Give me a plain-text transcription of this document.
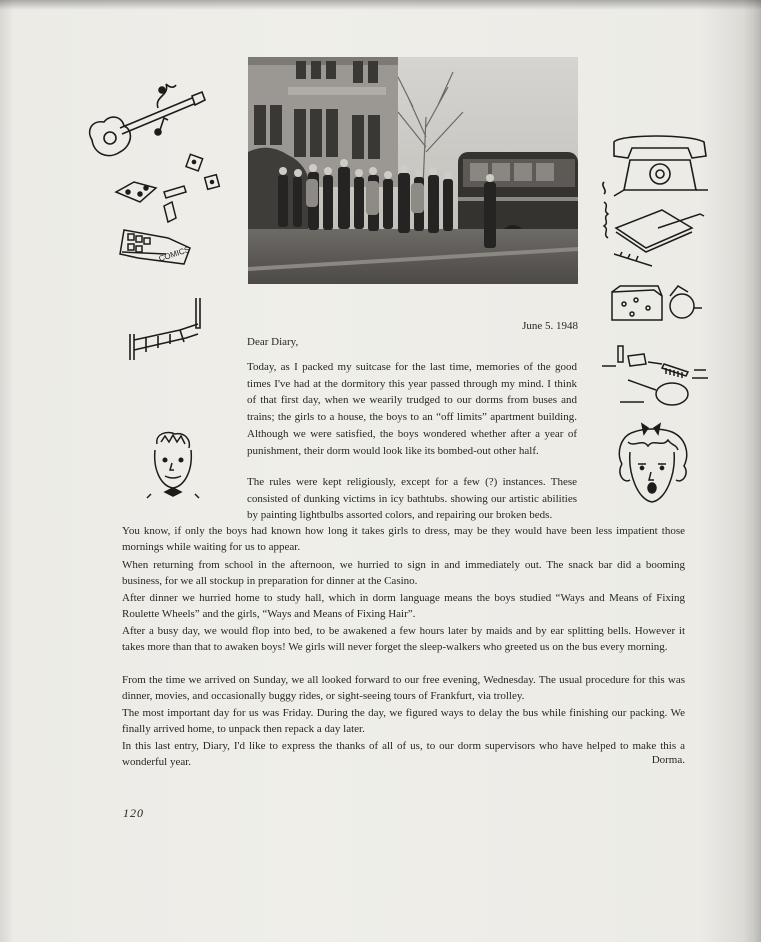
COMICS
June 5. 1948
Dear Diary,

Today, as I packed my suitcase for the last time, memories of the good times I've had at the dormitory this year passed through my mind. I think of that first day, when we wearily trudged to our dorms from buses and trains; the girls to a house, the boys to an “off limits” apartment building. Although we were satisfied, the boys wondered whether after a year of punishment, their dorm would look like its bombed-out other half.

The rules were kept religiously, except for a few (?) instances. These consisted of dunking victims in icy bathtubs. showing our artistic abilities by painting lightbulbs assorted colors, and repairing our broken beds.

You know, if only the boys had known how long it takes girls to dress, may be they would have been less impatient those mornings while waiting for us to appear.

When returning from school in the afternoon, we hurried to sign in and immediately out. The snack bar did a booming business, for we all stockup in preparation for dinner at the Casino.

After dinner we hurried home to study hall, which in dorm language means the boys studied “Ways and Means of Fixing Roulette Wheels” and the girls, “Ways and Means of Fixing Hair”.

After a busy day, we would flop into bed, to be awakened a few hours later by maids and by ear splitting bells. However it takes more than that to awaken boys! We girls will never forget the sleep-walkers who greeted us on the bus every morning.

From the time we arrived on Sunday, we all looked forward to our free evening, Wednesday. The usual procedure for this was dinner, movies, and occasionally buggy rides, or sight-seeing tours of Frankfurt, via trolley.

The most important day for us was Friday. During the day, we figured ways to delay the bus while finishing our packing. We finally arrived home, to unpack then repack a day later.

In this last entry, Diary, I'd like to express the thanks of all of us, to our dorm supervisors who have helped to make this a wonderful year.	Dorma.
120
